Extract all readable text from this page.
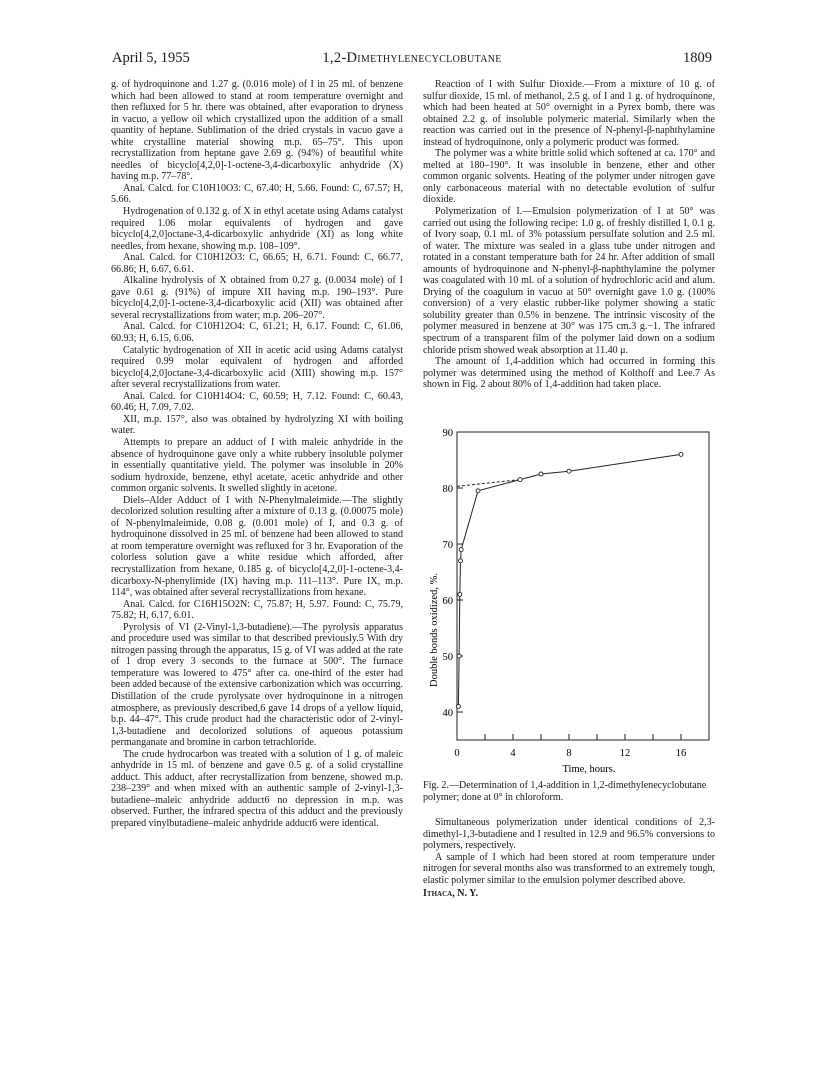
April 5, 1955	1,2-Dimethylenecyclobutane	1809

g. of hydroquinone and 1.27 g. (0.016 mole) of I in 25 ml. of benzene which had been allowed to stand at room temperature overnight and then refluxed for 5 hr. there was obtained, after evaporation to dryness in vacuo, a yellow oil which crystallized upon the addition of a small quantity of heptane. Sublimation of the dried crystals in vacuo gave a white crystalline material showing m.p. 65–75°. This upon recrystallization from heptane gave 2.69 g. (94%) of beautiful white needles of bicyclo[4,2,0]-1-octene-3,4-dicarboxylic anhydride (X) having m.p. 77–78°.

Anal. Calcd. for C10H10O3: C, 67.40; H, 5.66. Found: C, 67.57; H, 5.66.

Hydrogenation of 0.132 g. of X in ethyl acetate using Adams catalyst required 1.06 molar equivalents of hydrogen and gave bicyclo[4,2,0]octane-3,4-dicarboxylic anhydride (XI) as long white needles, from hexane, showing m.p. 108–109°.

Anal. Calcd. for C10H12O3: C, 66.65; H, 6.71. Found: C, 66.77, 66.86; H, 6.67, 6.61.

Alkaline hydrolysis of X obtained from 0.27 g. (0.0034 mole) of I gave 0.61 g. (91%) of impure XII having m.p. 190–193°. Pure bicyclo[4,2,0]-1-octene-3,4-dicarboxylic acid (XII) was obtained after several recrystallizations from water; m.p. 206–207°.

Anal. Calcd. for C10H12O4: C, 61.21; H, 6.17. Found: C, 61.06, 60.93; H, 6.15, 6.06.

Catalytic hydrogenation of XII in acetic acid using Adams catalyst required 0.99 molar equivalent of hydrogen and afforded bicyclo[4,2,0]octane-3,4-dicarboxylic acid (XIII) showing m.p. 157° after several recrystallizations from water.

Anal. Calcd. for C10H14O4: C, 60.59; H, 7.12. Found: C, 60.43, 60.46; H, 7.09, 7.02.

XII, m.p. 157°, also was obtained by hydrolyzing XI with boiling water.

Attempts to prepare an adduct of I with maleic anhydride in the absence of hydroquinone gave only a white rubbery insoluble polymer in essentially quantitative yield. The polymer was insoluble in 20% sodium hydroxide, benzene, ethyl acetate, acetic anhydride and other common organic solvents. It swelled slightly in acetone.

Diels–Alder Adduct of I with N-Phenylmaleimide.—The slightly decolorized solution resulting after a mixture of 0.13 g. (0.00075 mole) of N-phenylmaleimide, 0.08 g. (0.001 mole) of I, and 0.3 g. of hydroquinone dissolved in 25 ml. of benzene had been allowed to stand at room temperature overnight was refluxed for 3 hr. Evaporation of the colorless solution gave a white residue which afforded, after recrystallization from hexane, 0.185 g. of bicyclo[4,2,0]-1-octene-3,4-dicarboxy-N-phenylimide (IX) having m.p. 111–113°. Pure IX, m.p. 114°, was obtained after several recrystallizations from hexane.

Anal. Calcd. for C16H15O2N: C, 75.87; H, 5.97. Found: C, 75.79, 75.82; H, 6.17, 6.01.

Pyrolysis of VI (2-Vinyl-1,3-butadiene).—The pyrolysis apparatus and procedure used was similar to that described previously.5 With dry nitrogen passing through the apparatus, 15 g. of VI was added at the rate of 1 drop every 3 seconds to the furnace at 500°. The furnace temperature was lowered to 475° after ca. one-third of the ester had been added because of the extensive carbonization which was occurring. Distillation of the crude pyrolysate over hydroquinone in a nitrogen atmosphere, as previously described,6 gave 14 drops of a yellow liquid, b.p. 44–47°. This crude product had the characteristic odor of 2-vinyl-1,3-butadiene and decolorized solutions of aqueous potassium permanganate and bromine in carbon tetrachloride.

The crude hydrocarbon was treated with a solution of 1 g. of maleic anhydride in 15 ml. of benzene and gave 0.5 g. of a solid crystalline adduct. This adduct, after recrystallization from benzene, showed m.p. 238–239° and when mixed with an authentic sample of 2-vinyl-1,3-butadiene–maleic anhydride adduct6 no depression in m.p. was observed. Further, the infrared spectra of this adduct and the previously prepared vinylbutadiene–maleic anhydride adduct6 were identical.

Reaction of I with Sulfur Dioxide.—From a mixture of 10 g. of sulfur dioxide, 15 ml. of methanol, 2.5 g. of I and 1 g. of hydroquinone, which had been heated at 50° overnight in a Pyrex bomb, there was obtained 2.2 g. of insoluble polymeric material. Similarly when the reaction was carried out in the presence of N-phenyl-β-naphthylamine instead of hydroquinone, only a polymeric product was formed.

The polymer was a white brittle solid which softened at ca. 170° and melted at 180–190°. It was insoluble in benzene, ether and other common organic solvents. Heating of the polymer under nitrogen gave only carbonaceous material with no detectable evolution of sulfur dioxide.

Polymerization of I.—Emulsion polymerization of I at 50° was carried out using the following recipe: 1.0 g. of freshly distilled I, 0.1 g. of Ivory soap, 0.1 ml. of 3% potassium persulfate solution and 2.5 ml. of water. The mixture was sealed in a glass tube under nitrogen and rotated in a constant temperature bath for 24 hr. After addition of small amounts of hydroquinone and N-phenyl-β-naphthylamine the polymer was coagulated with 10 ml. of a solution of hydrochloric acid and alum. Drying of the coagulum in vacuo at 50° overnight gave 1.0 g. (100% conversion) of a very elastic rubber-like polymer showing a static solubility greater than 0.5% in benzene. The intrinsic viscosity of the polymer measured in benzene at 30° was 175 cm.3 g.−1. The infrared spectrum of a transparent film of the polymer laid down on a sodium chloride prism showed weak absorption at 11.40 μ.

The amount of 1,4-addition which had occurred in forming this polymer was determined using the method of Kolthoff and Lee.7 As shown in Fig. 2 about 80% of 1,4-addition had taken place.

40
50
60
70
80
90
0	4	8	12	16
Double bonds oxidized, %.
Time, hours.
Fig. 2.—Determination of 1,4-addition in 1,2-dimethylenecyclobutane polymer; done at 0° in chloroform.

Simultaneous polymerization under identical conditions of 2,3-dimethyl-1,3-butadiene and I resulted in 12.9 and 96.5% conversions to polymers, respectively.

A sample of I which had been stored at room temperature under nitrogen for several months also was transformed to an extremely tough, elastic polymer similar to the emulsion polymer described above.

Ithaca, N. Y.
